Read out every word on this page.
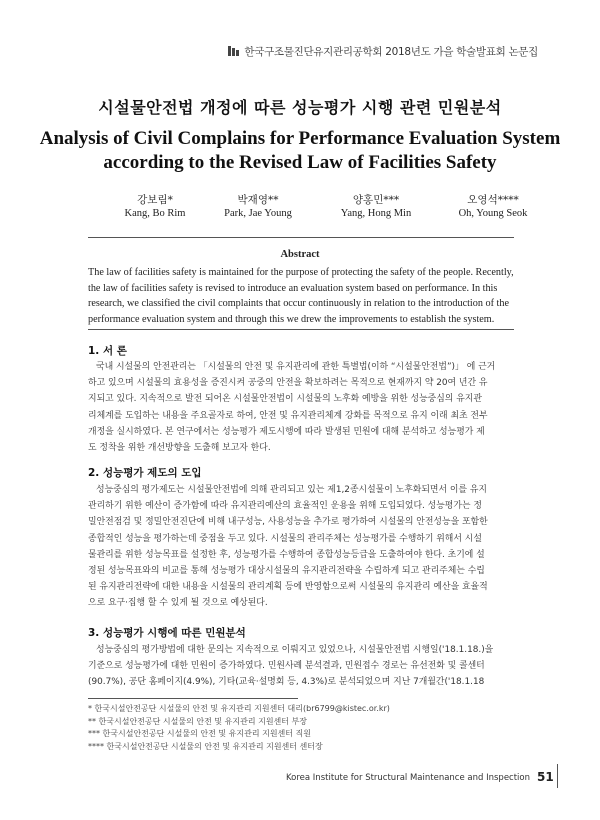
한국구조물진단유지관리공학회 2018년도 가을 학술발표회 논문집
시설물안전법 개정에 따른 성능평가 시행 관련 민원분석
Analysis of Civil Complains for Performance Evaluation System
according to the Revised Law of Facilities Safety
강보림*
Kang, Bo Rim
박재영**
Park, Jae Young
양홍민***
Yang, Hong Min
오영석****
Oh, Young Seok
Abstract
The law of facilities safety is maintained for the purpose of protecting the safety of the people. Recently,
the law of facilities safety is revised to introduce an evaluation system based on performance. In this
research, we classified the civil complaints that occur continuously in relation to the introduction of the
performance evaluation system and through this we drew the improvements to establish the system.
1. 서 론
국내 시설물의 안전관리는 「시설물의 안전 및 유지관리에 관한 특별법(이하 “시설물안전법”)」 에 근거
하고 있으며 시설물의 효용성을 증진시켜 공중의 안전을 확보하려는 목적으로 현재까지 약 20여 년간 유
지되고 있다. 지속적으로 발전 되어온 시설물안전법이 시설물의 노후화 예방을 위한 성능중심의 유지관
리체계를 도입하는 내용을 주요골자로 하여, 안전 및 유지관리체계 강화를 목적으로 유지 이래 최초 전부
개정을 실시하였다. 본 연구에서는 성능평가 제도시행에 따라 발생된 민원에 대해 분석하고 성능평가 제
도 정착을 위한 개선방향을 도출해 보고자 한다.
2. 성능평가 제도의 도입
성능중심의 평가제도는 시설물안전법에 의해 관리되고 있는 제1,2종시설물이 노후화되면서 이를 유지
관리하기 위한 예산이 증가함에 따라 유지관리예산의 효율적인 운용을 위해 도입되었다. 성능평가는 정
밀안전점검 및 정밀안전진단에 비해 내구성능, 사용성능을 추가로 평가하여 시설물의 안전성능을 포함한
종합적인 성능을 평가하는데 중점을 두고 있다. 시설물의 관리주체는 성능평가를 수행하기 위해서 시설
물관리를 위한 성능목표를 설정한 후, 성능평가를 수행하여 종합성능등급을 도출하여야 한다. 초기에 설
정된 성능목표와의 비교를 통해 성능평가 대상시설물의 유지관리전략을 수립하게 되고 관리주체는 수립
된 유지관리전략에 대한 내용을 시설물의 관리계획 등에 반영함으로써 시설물의 유지관리 예산을 효율적
으로 요구·집행 할 수 있게 될 것으로 예상된다.
3. 성능평가 시행에 따른 민원분석
성능중심의 평가방법에 대한 문의는 지속적으로 이뤄지고 있었으나, 시설물안전법 시행일('18.1.18.)을
기준으로 성능평가에 대한 민원이 증가하였다. 민원사례 분석결과, 민원접수 경로는 유선전화 및 콜센터
(90.7%), 공단 홈페이지(4.9%), 기타(교육·설명회 등, 4.3%)로 분석되었으며 지난 7개월간('18.1.18
* 한국시설안전공단 시설물의 안전 및 유지관리 지원센터 대리(br6799@kistec.or.kr)
** 한국시설안전공단 시설물의 안전 및 유지관리 지원센터 부장
*** 한국시설안전공단 시설물의 안전 및 유지관리 지원센터 직원
**** 한국시설안전공단 시설물의 안전 및 유지관리 지원센터 센터장
Korea Institute for Structural Maintenance and Inspection 51
